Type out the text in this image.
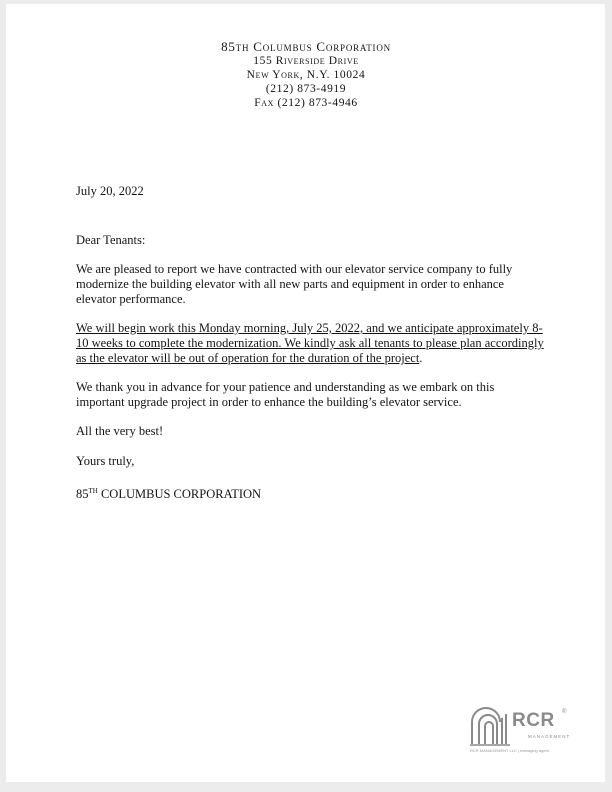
85th Columbus Corporation
155 Riverside Drive
New York, N.Y. 10024
(212) 873-4919
Fax (212) 873-4946
July 20, 2022
Dear Tenants:
We are pleased to report we have contracted with our elevator service company to fully modernize the building elevator with all new parts and equipment in order to enhance elevator performance.
We will begin work this Monday morning, July 25, 2022, and we anticipate approximately 8-10 weeks to complete the modernization. We kindly ask all tenants to please plan accordingly as the elevator will be out of operation for the duration of the project.
We thank you in advance for your patience and understanding as we embark on this important upgrade project in order to enhance the building’s elevator service.
All the very best!
Yours truly,
85TH COLUMBUS CORPORATION
RCR ®
MANAGEMENT
RCR MANAGEMENT LLC | managing agent
